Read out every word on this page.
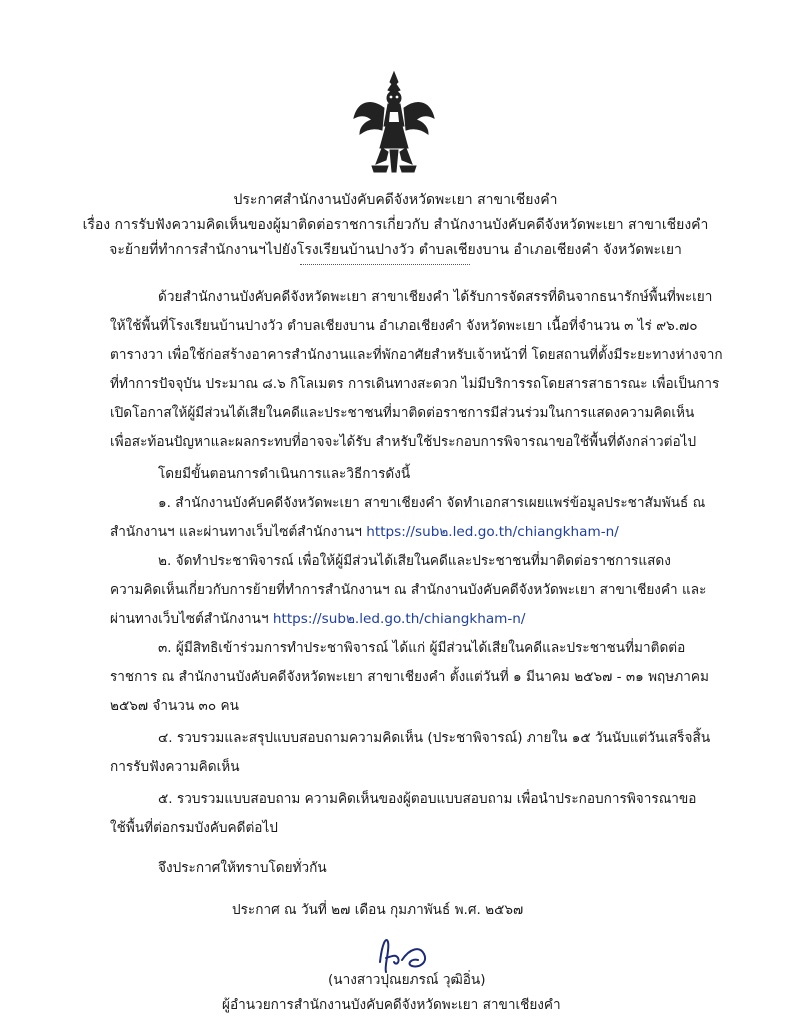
ประกาศสำนักงานบังคับคดีจังหวัดพะเยา สาขาเชียงคำ
เรื่อง การรับฟังความคิดเห็นของผู้มาติดต่อราชการเกี่ยวกับ สำนักงานบังคับคดีจังหวัดพะเยา สาขาเชียงคำ
จะย้ายที่ทำการสำนักงานฯไปยังโรงเรียนบ้านปางวัว ตำบลเชียงบาน อำเภอเชียงคำ จังหวัดพะเยา
ด้วยสำนักงานบังคับคดีจังหวัดพะเยา สาขาเชียงคำ ได้รับการจัดสรรที่ดินจากธนารักษ์พื้นที่พะเยา
ให้ใช้พื้นที่โรงเรียนบ้านปางวัว ตำบลเชียงบาน อำเภอเชียงคำ จังหวัดพะเยา เนื้อที่จำนวน ๓ ไร่ ๙๖.๗๐
ตารางวา เพื่อใช้ก่อสร้างอาคารสำนักงานและที่พักอาศัยสำหรับเจ้าหน้าที่ โดยสถานที่ตั้งมีระยะทางห่างจาก
ที่ทำการปัจจุบัน ประมาณ ๘.๖ กิโลเมตร การเดินทางสะดวก ไม่มีบริการรถโดยสารสาธารณะ เพื่อเป็นการ
เปิดโอกาสให้ผู้มีส่วนได้เสียในคดีและประชาชนที่มาติดต่อราชการมีส่วนร่วมในการแสดงความคิดเห็น
เพื่อสะท้อนปัญหาและผลกระทบที่อาจจะได้รับ สำหรับใช้ประกอบการพิจารณาขอใช้พื้นที่ดังกล่าวต่อไป
โดยมีขั้นตอนการดำเนินการและวิธีการดังนี้
๑. สำนักงานบังคับคดีจังหวัดพะเยา สาขาเชียงคำ จัดทำเอกสารเผยแพร่ข้อมูลประชาสัมพันธ์ ณ
สำนักงานฯ และผ่านทางเว็บไซต์สำนักงานฯ https://sub๒.led.go.th/chiangkham-n/
๒. จัดทำประชาพิจารณ์ เพื่อให้ผู้มีส่วนได้เสียในคดีและประชาชนที่มาติดต่อราชการแสดง
ความคิดเห็นเกี่ยวกับการย้ายที่ทำการสำนักงานฯ ณ สำนักงานบังคับคดีจังหวัดพะเยา สาขาเชียงคำ และ
ผ่านทางเว็บไซต์สำนักงานฯ https://sub๒.led.go.th/chiangkham-n/
๓. ผู้มีสิทธิเข้าร่วมการทำประชาพิจารณ์ ได้แก่ ผู้มีส่วนได้เสียในคดีและประชาชนที่มาติดต่อ
ราชการ ณ สำนักงานบังคับคดีจังหวัดพะเยา สาขาเชียงคำ ตั้งแต่วันที่ ๑ มีนาคม ๒๕๖๗ - ๓๑ พฤษภาคม
๒๕๖๗ จำนวน ๓๐ คน
๔. รวบรวมและสรุปแบบสอบถามความคิดเห็น (ประชาพิจารณ์) ภายใน ๑๕ วันนับแต่วันเสร็จสิ้น
การรับฟังความคิดเห็น
๕. รวบรวมแบบสอบถาม ความคิดเห็นของผู้ตอบแบบสอบถาม เพื่อนำประกอบการพิจารณาขอ
ใช้พื้นที่ต่อกรมบังคับคดีต่อไป
จึงประกาศให้ทราบโดยทั่วกัน
ประกาศ ณ วันที่ ๒๗ เดือน กุมภาพันธ์ พ.ศ. ๒๕๖๗
(นางสาวปุณยภรณ์ วุฒิอิ่น)
ผู้อำนวยการสำนักงานบังคับคดีจังหวัดพะเยา สาขาเชียงคำ
